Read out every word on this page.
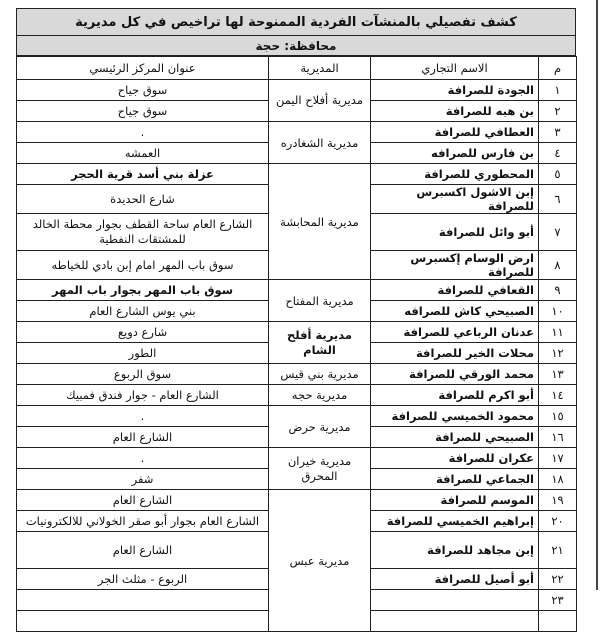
كشف تفصيلي بالمنشآت الفردية الممنوحة لها تراخيص في كل مديرية
محافظة: حجة
م	الاسم التجاري	المديرية	عنوان المركز الرئيسي
١	الجودة للصرافة	مديرية أفلاح اليمن	سوق جياح
٢	بن هبه للصرافة		سوق جياح
٣	العطافي للصرافة	مديرية الشغادره	.
٤	بن فارس للصرافه		العمشه
٥	المحطوري للصرافة	مديرية المحابشة	عزلة بني أسد قرية الحجر
٦	إبن الاشول اكسبرس للصرافة		شارع الحديدة
٧	أبو وائل للصرافة		الشارع العام ساحة القطف بجوار محطة الخالد للمشتقات النفطية
٨	ارض الوسام إكسبرس للصرافة		سوق باب المهر امام إبن بادي للخياطه
٩	القعافي للصرافة	مديرية المفتاح	سوق باب المهر بجوار باب المهر
١٠	الصبيحي كاش للصرافه		بني يوس الشارع العام
١١	عدنان الرباعي للصرافة	مديرية أفلح الشام	شارع دويع
١٢	محلات الخير للصرافة		الطور
١٣	محمد الورقي للصرافة	مديرية بني قيس	سوق الربوع
١٤	أبو اكرم للصرافة	مديرية حجه	الشارع العام - جوار فندق فمبيك
١٥	محمود الخميسي للصرافة	مديرية حرض	.
١٦	الصبيحي للصرافة		الشارع العام
١٧	عكران للصرافة	مديرية خيران المحرق	.
١٨	الجماعي للصرافة		شفر
١٩	الموسم للصرافة	مديرية عبس	الشارع العام
٢٠	إبراهيم الخميسي للصرافة		الشارع العام بجوار أبو صقر الخولاني للالكترونيات
٢١	إبن مجاهد للصرافة		الشارع العام
٢٢	أبو أصيل للصرافة		الربوع - مثلث الجر
٢٣			
